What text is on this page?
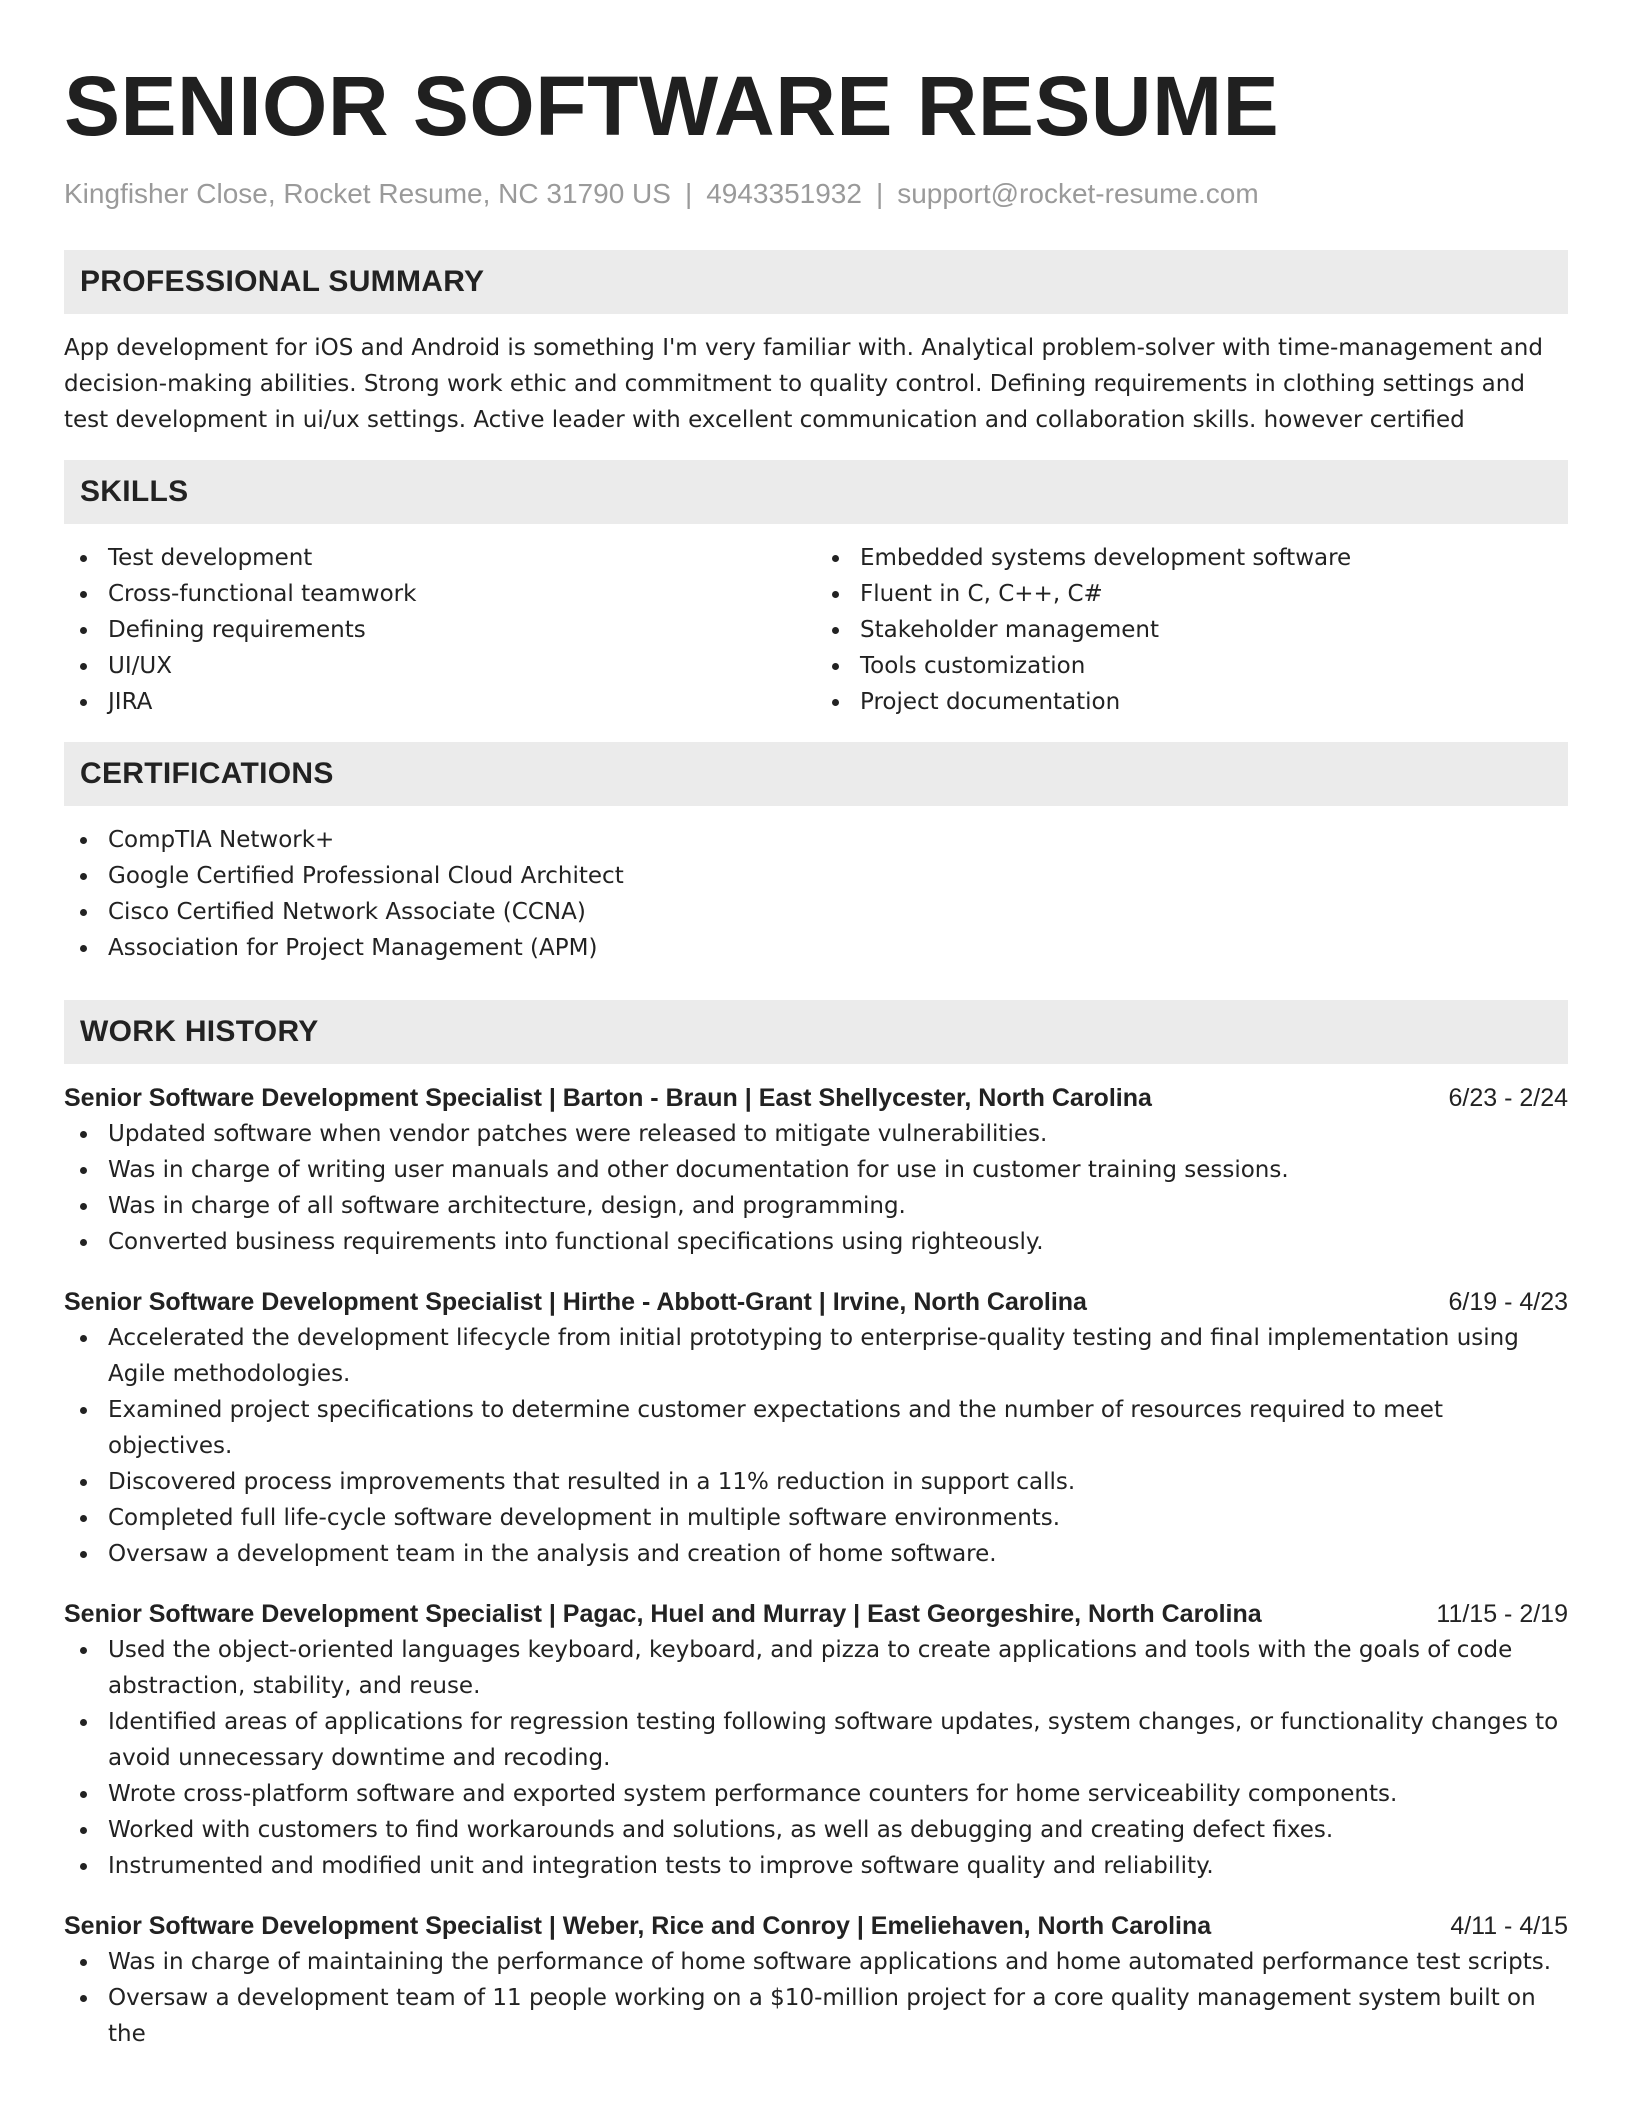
SENIOR SOFTWARE RESUME
Kingfisher Close, Rocket Resume, NC 31790 US | 4943351932 | support@rocket-resume.com
PROFESSIONAL SUMMARY
App development for iOS and Android is something I'm very familiar with. Analytical problem-solver with time-management and decision-making abilities. Strong work ethic and commitment to quality control. Defining requirements in clothing settings and test development in ui/ux settings. Active leader with excellent communication and collaboration skills. however certified
SKILLS
Test development
Cross-functional teamwork
Defining requirements
UI/UX
JIRA
Embedded systems development software
Fluent in C, C++, C#
Stakeholder management
Tools customization
Project documentation
CERTIFICATIONS
CompTIA Network+
Google Certified Professional Cloud Architect
Cisco Certified Network Associate (CCNA)
Association for Project Management (APM)
WORK HISTORY
Senior Software Development Specialist | Barton - Braun | East Shellycester, North Carolina	6/23 - 2/24
Updated software when vendor patches were released to mitigate vulnerabilities.
Was in charge of writing user manuals and other documentation for use in customer training sessions.
Was in charge of all software architecture, design, and programming.
Converted business requirements into functional specifications using righteously.
Senior Software Development Specialist | Hirthe - Abbott-Grant | Irvine, North Carolina	6/19 - 4/23
Accelerated the development lifecycle from initial prototyping to enterprise-quality testing and final implementation using Agile methodologies.
Examined project specifications to determine customer expectations and the number of resources required to meet objectives.
Discovered process improvements that resulted in a 11% reduction in support calls.
Completed full life-cycle software development in multiple software environments.
Oversaw a development team in the analysis and creation of home software.
Senior Software Development Specialist | Pagac, Huel and Murray | East Georgeshire, North Carolina	11/15 - 2/19
Used the object-oriented languages keyboard, keyboard, and pizza to create applications and tools with the goals of code abstraction, stability, and reuse.
Identified areas of applications for regression testing following software updates, system changes, or functionality changes to avoid unnecessary downtime and recoding.
Wrote cross-platform software and exported system performance counters for home serviceability components.
Worked with customers to find workarounds and solutions, as well as debugging and creating defect fixes.
Instrumented and modified unit and integration tests to improve software quality and reliability.
Senior Software Development Specialist | Weber, Rice and Conroy | Emeliehaven, North Carolina	4/11 - 4/15
Was in charge of maintaining the performance of home software applications and home automated performance test scripts.
Oversaw a development team of 11 people working on a $10-million project for a core quality management system built on the
